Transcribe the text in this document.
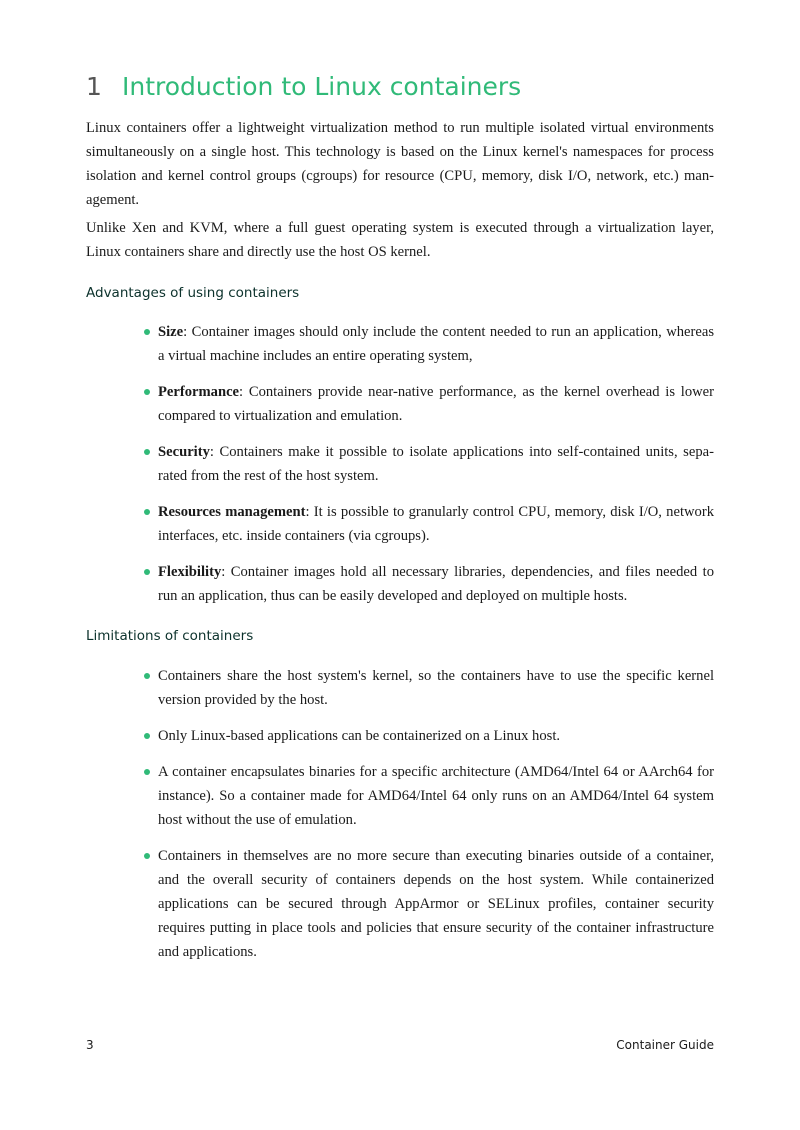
1 Introduction to Linux containers

Linux containers offer a lightweight virtualization method to run multiple isolated virtual environments simultaneously on a single host. This technology is based on the Linux kernel's namespaces for process isolation and kernel control groups (cgroups) for resource (CPU, memory, disk I/O, network, etc.) management.

Unlike Xen and KVM, where a full guest operating system is executed through a virtualization layer, Linux containers share and directly use the host OS kernel.

Advantages of using containers
Size: Container images should only include the content needed to run an application, whereas a virtual machine includes an entire operating system,
Performance: Containers provide near-native performance, as the kernel overhead is lower compared to virtualization and emulation.
Security: Containers make it possible to isolate applications into self-contained units, separated from the rest of the host system.
Resources management: It is possible to granularly control CPU, memory, disk I/O, network interfaces, etc. inside containers (via cgroups).
Flexibility: Container images hold all necessary libraries, dependencies, and files needed to run an application, thus can be easily developed and deployed on multiple hosts.
Limitations of containers
Containers share the host system's kernel, so the containers have to use the specific kernel version provided by the host.
Only Linux-based applications can be containerized on a Linux host.
A container encapsulates binaries for a specific architecture (AMD64/Intel 64 or AArch64 for instance). So a container made for AMD64/Intel 64 only runs on an AMD64/Intel 64 system host without the use of emulation.
Containers in themselves are no more secure than executing binaries outside of a container, and the overall security of containers depends on the host system. While containerized applications can be secured through AppArmor or SELinux profiles, container security requires putting in place tools and policies that ensure security of the container infrastructure and applications.
3	Container Guide
